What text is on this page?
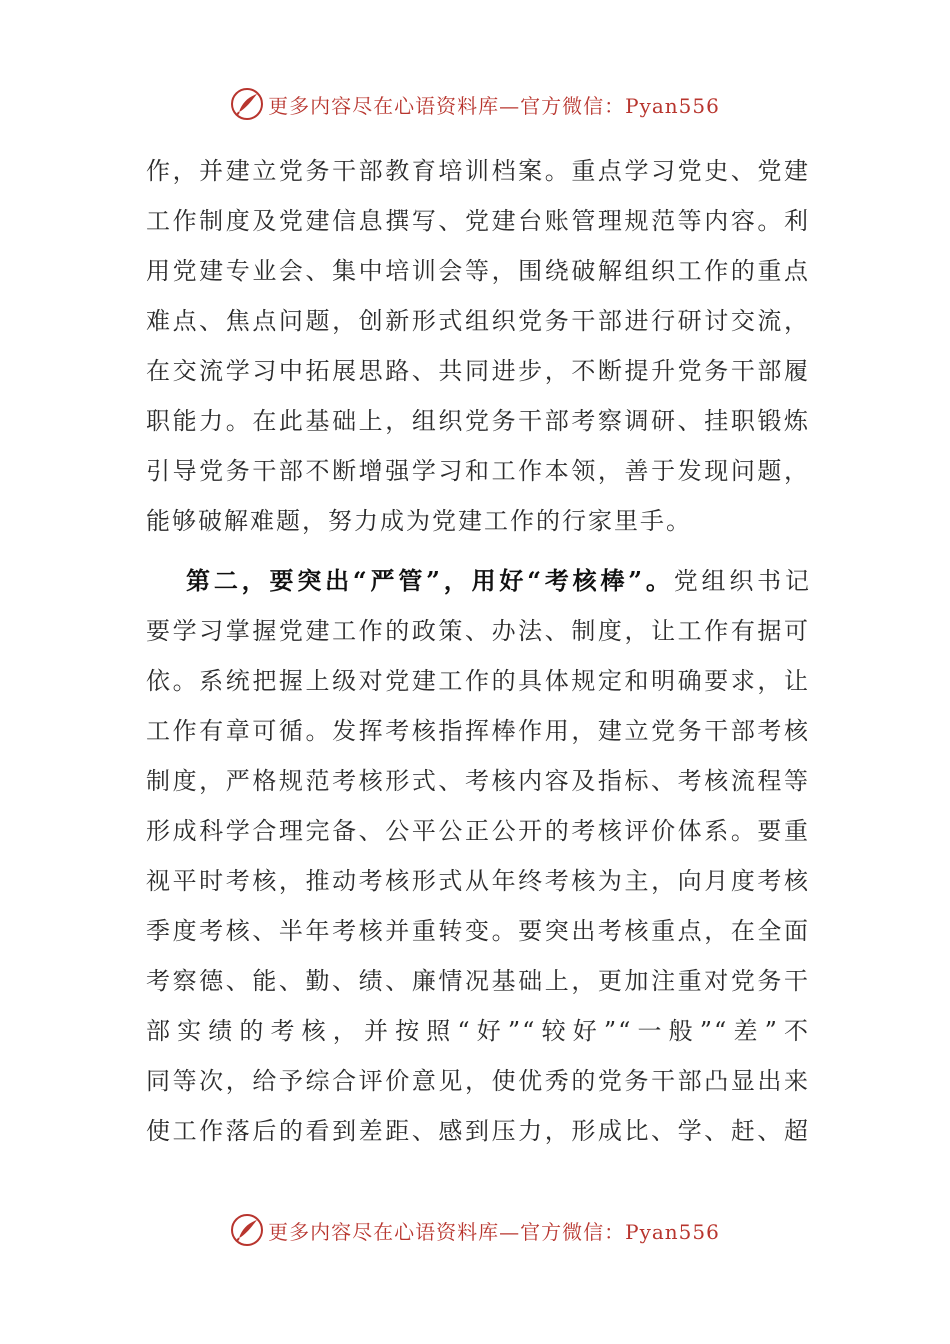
更多内容尽在心语资料库—官方微信：Pyan556
作，并建立党务干部教育培训档案。重点学习党史、党建
工作制度及党建信息撰写、党建台账管理规范等内容。利
用党建专业会、集中培训会等，围绕破解组织工作的重点
难点、焦点问题，创新形式组织党务干部进行研讨交流，
在交流学习中拓展思路、共同进步，不断提升党务干部履
职能力。在此基础上，组织党务干部考察调研、挂职锻炼
引导党务干部不断增强学习和工作本领，善于发现问题，
能够破解难题，努力成为党建工作的行家里手。
第二，要突出“严管”，用好“考核棒”。党组织书记
要学习掌握党建工作的政策、办法、制度，让工作有据可
依。系统把握上级对党建工作的具体规定和明确要求，让
工作有章可循。发挥考核指挥棒作用，建立党务干部考核
制度，严格规范考核形式、考核内容及指标、考核流程等
形成科学合理完备、公平公正公开的考核评价体系。要重
视平时考核，推动考核形式从年终考核为主，向月度考核
季度考核、半年考核并重转变。要突出考核重点，在全面
考察德、能、勤、绩、廉情况基础上，更加注重对党务干
部实绩的考核，并按照“好”“较好”“一般”“差”不
同等次，给予综合评价意见，使优秀的党务干部凸显出来
使工作落后的看到差距、感到压力，形成比、学、赶、超
更多内容尽在心语资料库—官方微信：Pyan556
